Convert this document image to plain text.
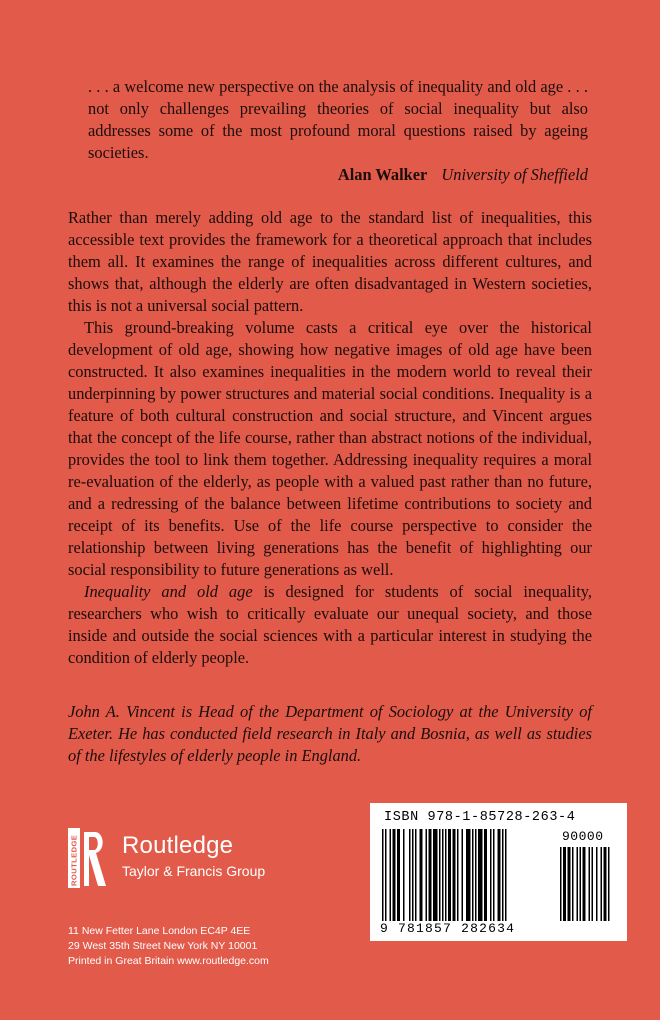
. . . a welcome new perspective on the analysis of inequality and old age . . . not only challenges prevailing theories of social inequality but also addresses some of the most profound moral questions raised by ageing societies.

Alan Walker University of Sheffield

Rather than merely adding old age to the standard list of inequalities, this accessible text provides the framework for a theoretical approach that includes them all. It examines the range of inequalities across different cultures, and shows that, although the elderly are often disadvantaged in Western societies, this is not a universal social pattern.

This ground-breaking volume casts a critical eye over the historical development of old age, showing how negative images of old age have been constructed. It also examines inequalities in the modern world to reveal their underpinning by power structures and material social conditions. Inequality is a feature of both cultural construction and social structure, and Vincent argues that the concept of the life course, rather than abstract notions of the individual, provides the tool to link them together. Addressing inequality requires a moral re-evaluation of the elderly, as people with a valued past rather than no future, and a redressing of the balance between lifetime contributions to society and receipt of its benefits. Use of the life course perspective to consider the relationship between living generations has the benefit of highlighting our social responsibility to future generations as well.

Inequality and old age is designed for students of social inequality, researchers who wish to critically evaluate our unequal society, and those inside and outside the social sciences with a particular interest in studying the condition of elderly people.

John A. Vincent is Head of the Department of Sociology at the University of Exeter. He has conducted field research in Italy and Bosnia, as well as studies of the lifestyles of elderly people in England.
ROUTLEDGE Routledge
Taylor & Francis Group
11 New Fetter Lane London EC4P 4EE
29 West 35th Street New York NY 10001
Printed in Great Britain www.routledge.com
ISBN 978-1-85728-263-4
90000
9 781857 282634
